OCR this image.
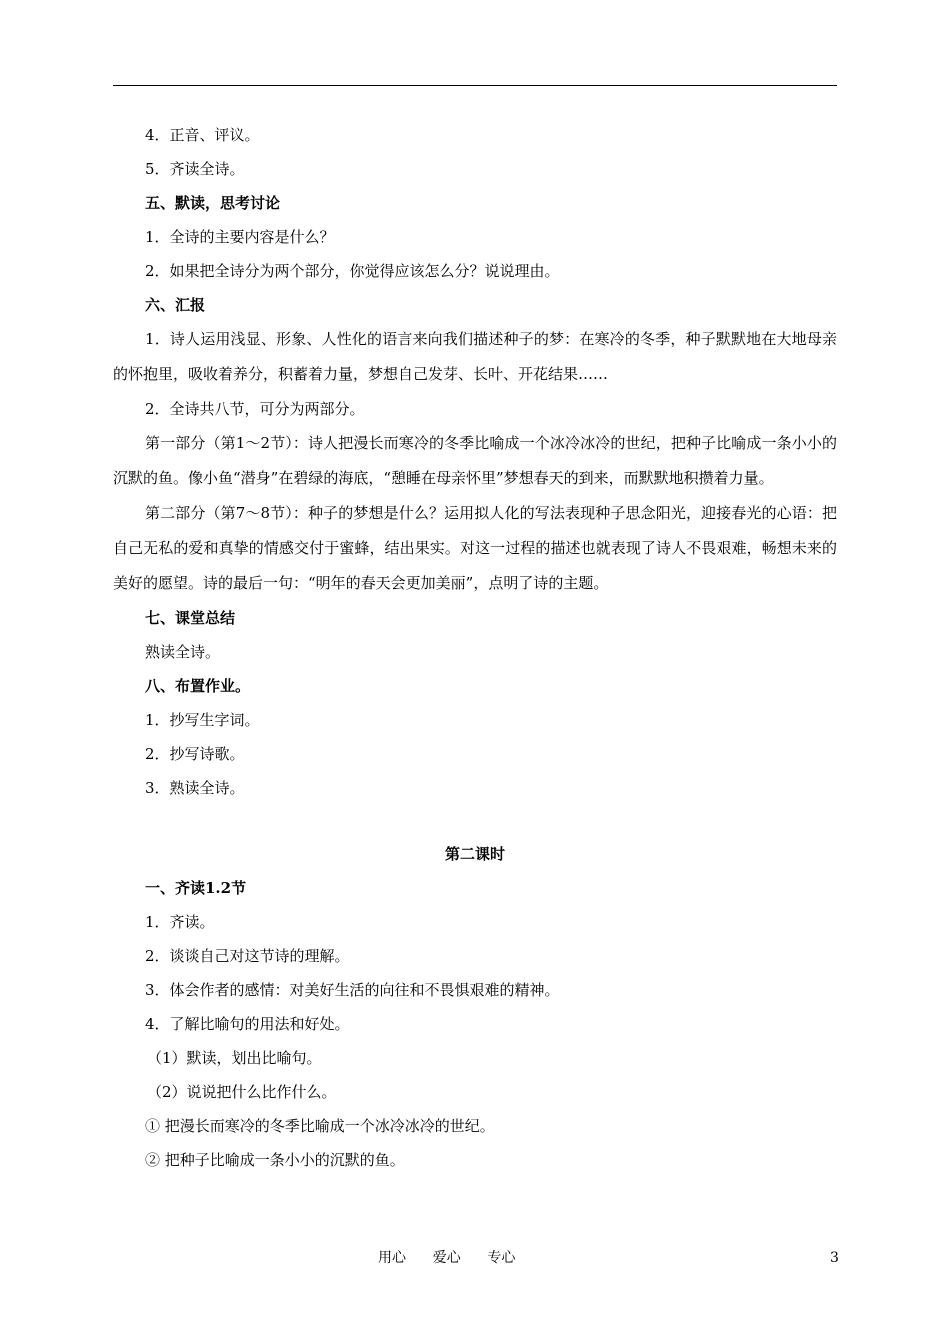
4．正音、评议。
5．齐读全诗。
五、默读，思考讨论
1．全诗的主要内容是什么？
2．如果把全诗分为两个部分，你觉得应该怎么分？说说理由。
六、汇报
1．诗人运用浅显、形象、人性化的语言来向我们描述种子的梦：在寒冷的冬季，种子默默地在大地母亲的怀抱里，吸收着养分，积蓄着力量，梦想自己发芽、长叶、开花结果……
2．全诗共八节，可分为两部分。
第一部分（第1～2节）：诗人把漫长而寒冷的冬季比喻成一个冰冷冰冷的世纪，把种子比喻成一条小小的沉默的鱼。像小鱼“潜身”在碧绿的海底，“憩睡在母亲怀里”梦想春天的到来，而默默地积攒着力量。
第二部分（第7～8节）：种子的梦想是什么？运用拟人化的写法表现种子思念阳光，迎接春光的心语：把自己无私的爱和真挚的情感交付于蜜蜂，结出果实。对这一过程的描述也就表现了诗人不畏艰难，畅想未来的美好的愿望。诗的最后一句：“明年的春天会更加美丽”，点明了诗的主题。
七、课堂总结
熟读全诗。
八、布置作业。
1．抄写生字词。
2．抄写诗歌。
3．熟读全诗。
第二课时
一、齐读1.2节
1．齐读。
2．谈谈自己对这节诗的理解。
3．体会作者的感情：对美好生活的向往和不畏惧艰难的精神。
4．了解比喻句的用法和好处。
（1）默读，划出比喻句。
（2）说说把什么比作什么。
① 把漫长而寒冷的冬季比喻成一个冰冷冰冷的世纪。
② 把种子比喻成一条小小的沉默的鱼。
用心      爱心      专心	3
